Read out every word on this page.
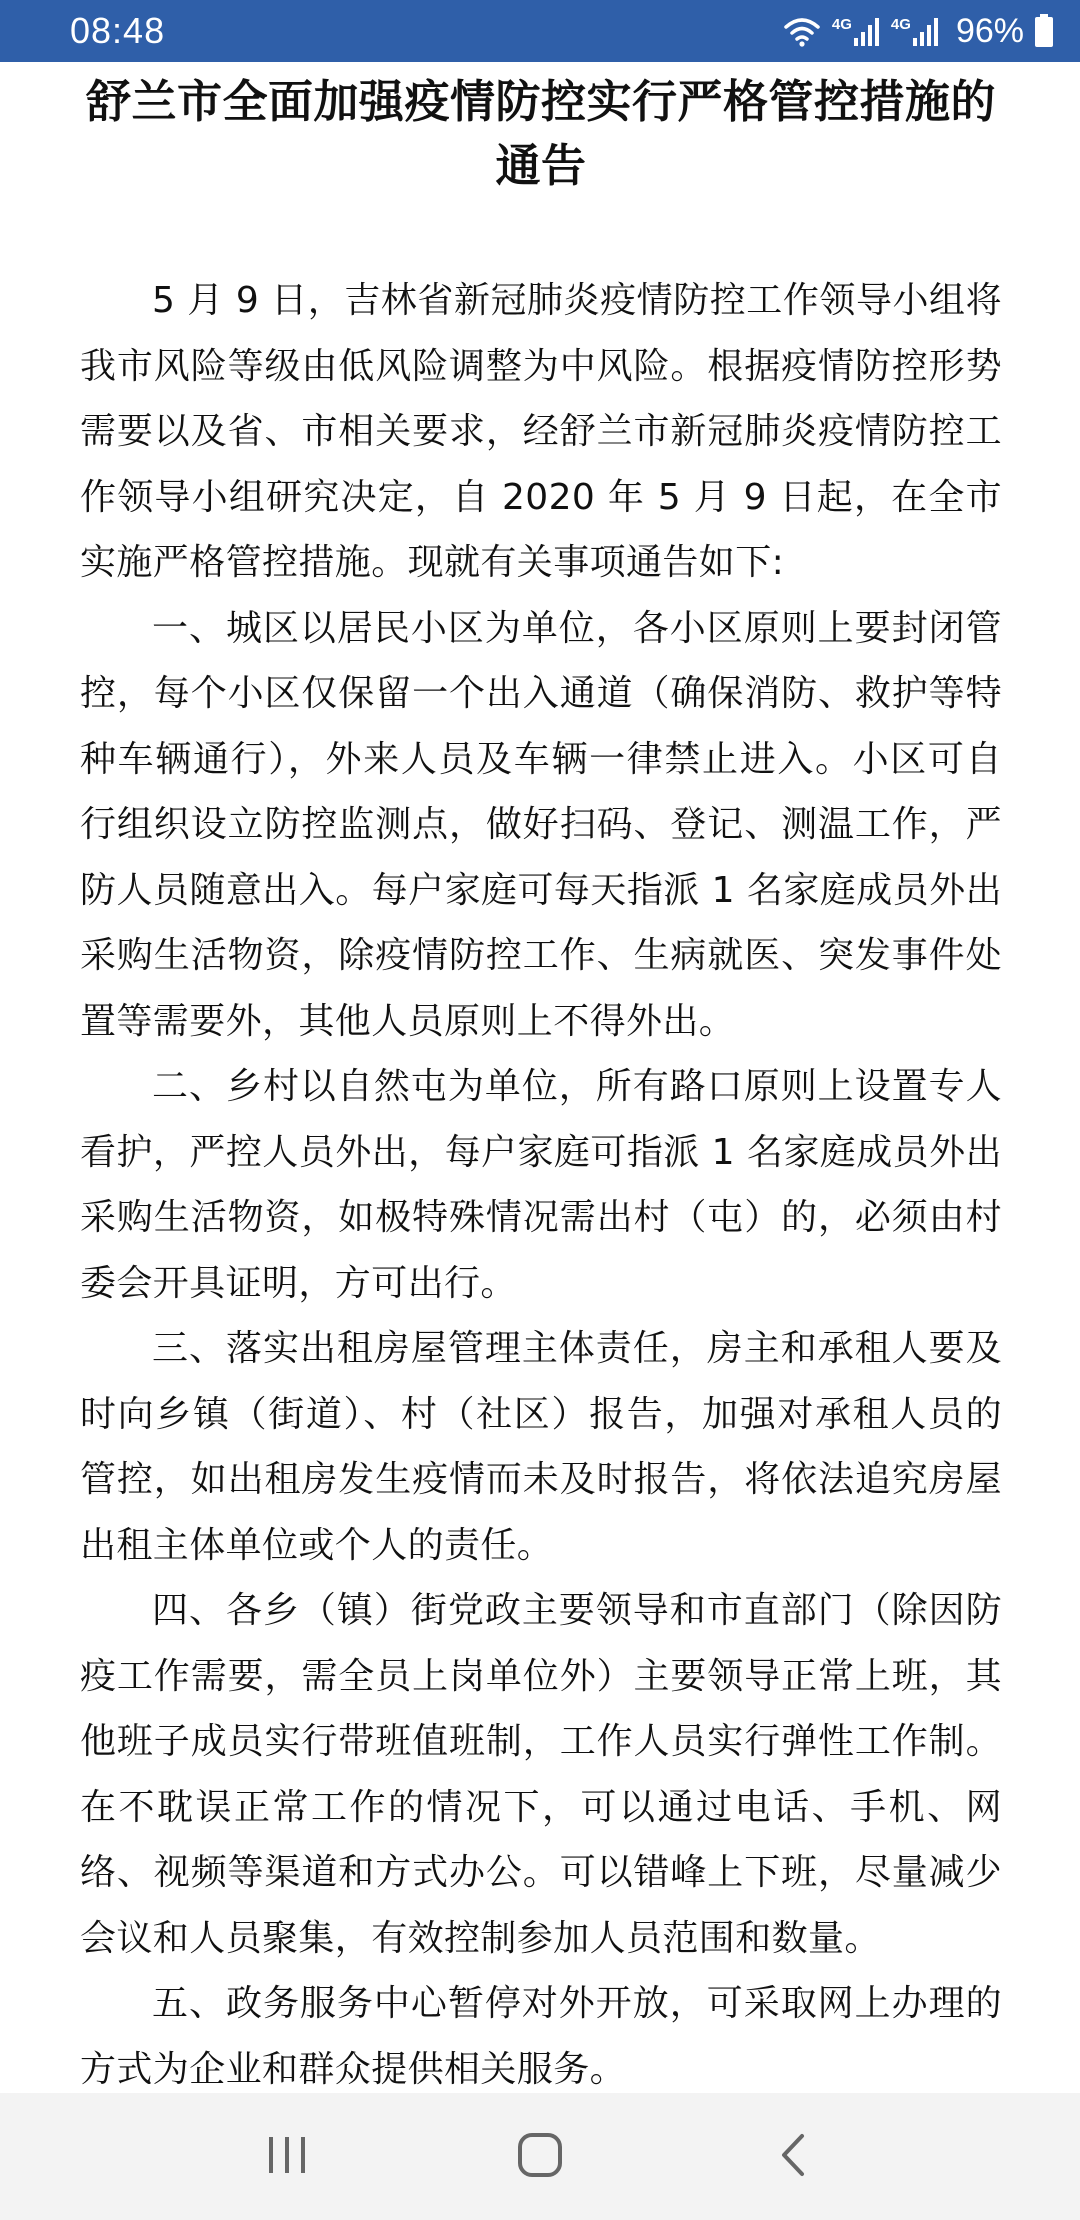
08:48	4G	4G 96%
舒兰市全面加强疫情防控实行严格管控措施的通告

5 月 9 日，吉林省新冠肺炎疫情防控工作领导小组将我市风险等级由低风险调整为中风险。根据疫情防控形势需要以及省、市相关要求，经舒兰市新冠肺炎疫情防控工作领导小组研究决定，自 2020 年 5 月 9 日起，在全市实施严格管控措施。现就有关事项通告如下:

一、城区以居民小区为单位，各小区原则上要封闭管控，每个小区仅保留一个出入通道（确保消防、救护等特种车辆通行），外来人员及车辆一律禁止进入。小区可自行组织设立防控监测点，做好扫码、登记、测温工作，严防人员随意出入。每户家庭可每天指派 1 名家庭成员外出采购生活物资，除疫情防控工作、生病就医、突发事件处置等需要外，其他人员原则上不得外出。

二、乡村以自然屯为单位，所有路口原则上设置专人看护，严控人员外出，每户家庭可指派 1 名家庭成员外出采购生活物资，如极特殊情况需出村（屯）的，必须由村委会开具证明，方可出行。

三、落实出租房屋管理主体责任，房主和承租人要及时向乡镇（街道）、村（社区）报告，加强对承租人员的管控，如出租房发生疫情而未及时报告，将依法追究房屋出租主体单位或个人的责任。

四、各乡（镇）街党政主要领导和市直部门（除因防疫工作需要，需全员上岗单位外）主要领导正常上班，其他班子成员实行带班值班制，工作人员实行弹性工作制。在不耽误正常工作的情况下，可以通过电话、手机、网络、视频等渠道和方式办公。可以错峰上下班，尽量减少会议和人员聚集，有效控制参加人员范围和数量。

五、政务服务中心暂停对外开放，可采取网上办理的方式为企业和群众提供相关服务。
